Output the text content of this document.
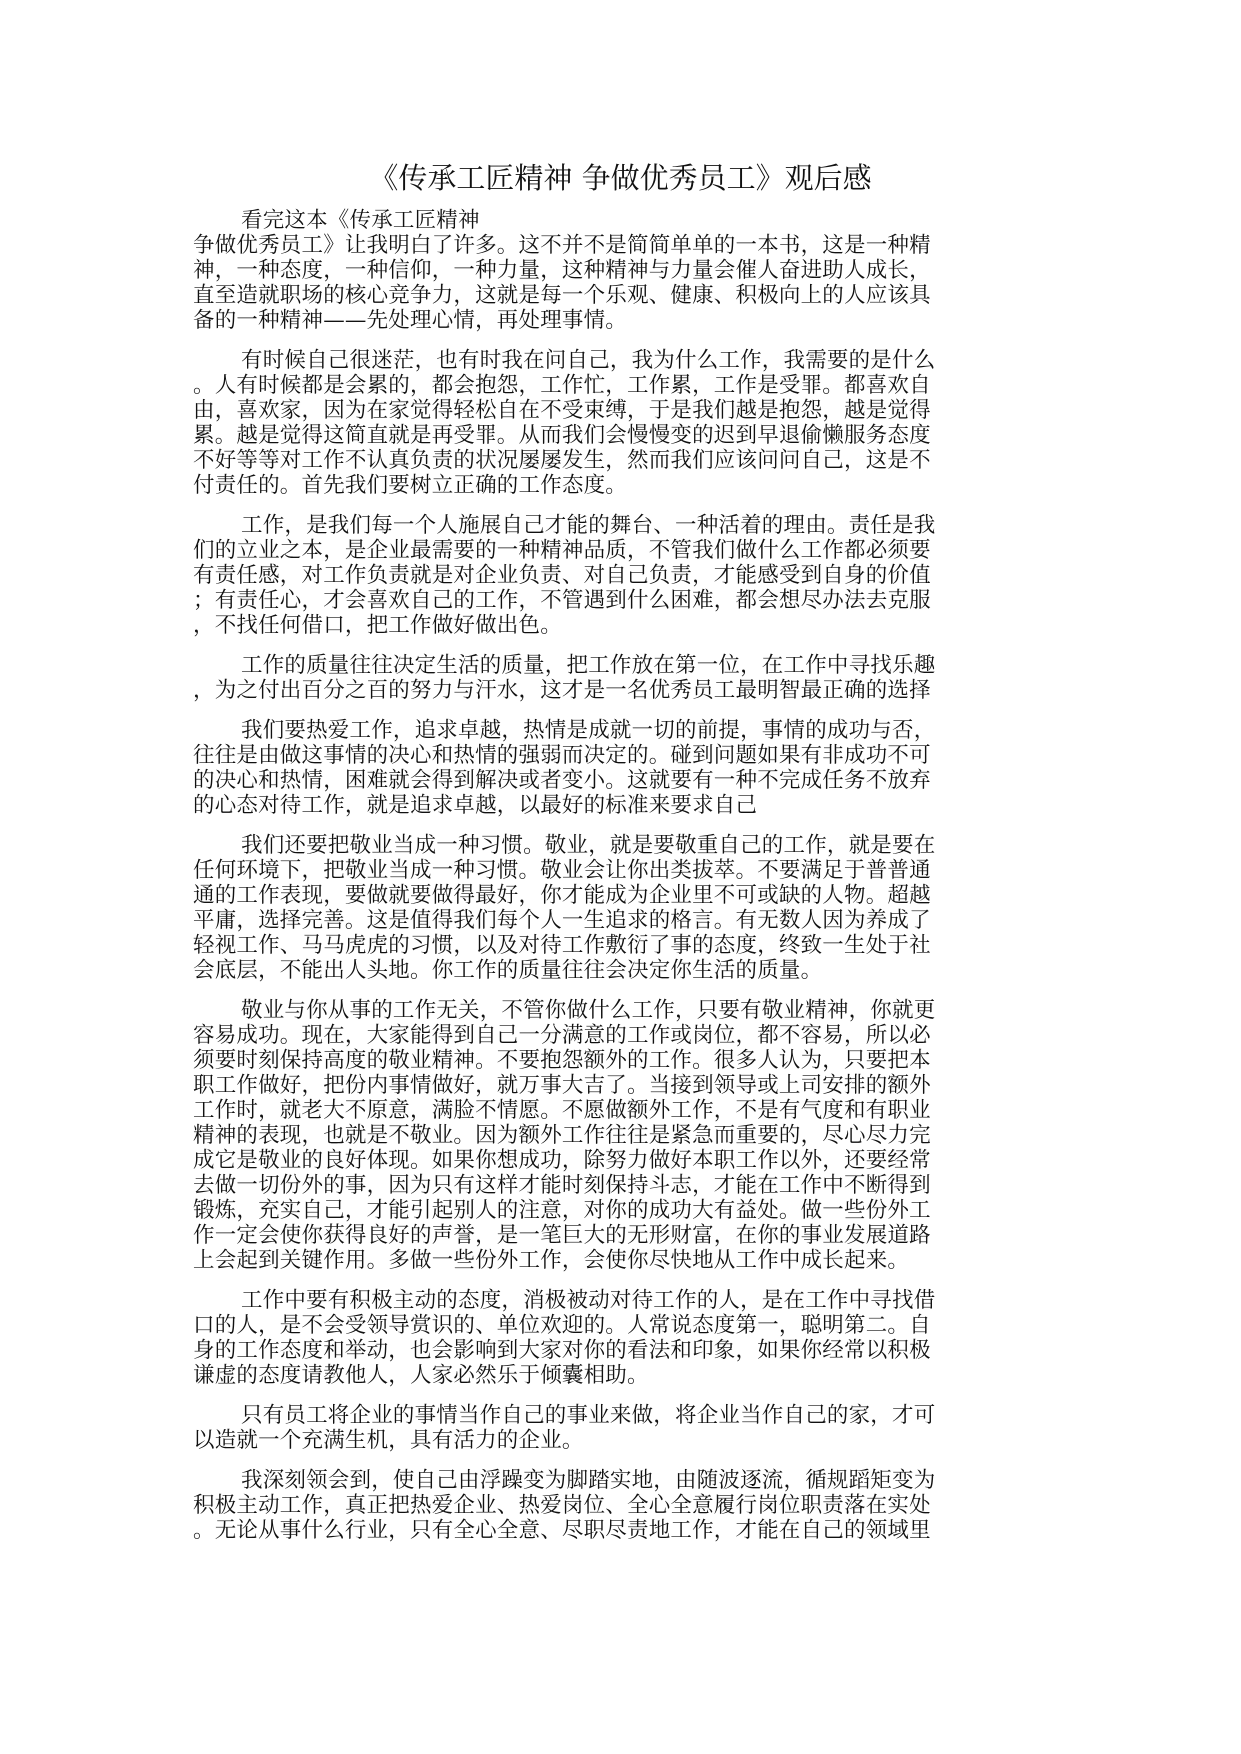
《传承工匠精神 争做优秀员工》观后感
看完这本《传承工匠精神
争做优秀员工》让我明白了许多。这不并不是简简单单的一本书，这是一种精
神，一种态度，一种信仰，一种力量，这种精神与力量会催人奋进助人成长，
直至造就职场的核心竞争力，这就是每一个乐观、健康、积极向上的人应该具
备的一种精神——先处理心情，再处理事情。
有时候自己很迷茫，也有时我在问自己，我为什么工作，我需要的是什么
。人有时候都是会累的，都会抱怨，工作忙，工作累，工作是受罪。都喜欢自
由，喜欢家，因为在家觉得轻松自在不受束缚，于是我们越是抱怨，越是觉得
累。越是觉得这简直就是再受罪。从而我们会慢慢变的迟到早退偷懒服务态度
不好等等对工作不认真负责的状况屡屡发生，然而我们应该问问自己，这是不
付责任的。首先我们要树立正确的工作态度。
工作，是我们每一个人施展自己才能的舞台、一种活着的理由。责任是我
们的立业之本，是企业最需要的一种精神品质，不管我们做什么工作都必须要
有责任感，对工作负责就是对企业负责、对自己负责，才能感受到自身的价值
；有责任心，才会喜欢自己的工作，不管遇到什么困难，都会想尽办法去克服
，不找任何借口，把工作做好做出色。
工作的质量往往决定生活的质量，把工作放在第一位，在工作中寻找乐趣
，为之付出百分之百的努力与汗水，这才是一名优秀员工最明智最正确的选择
我们要热爱工作，追求卓越，热情是成就一切的前提，事情的成功与否，
往往是由做这事情的决心和热情的强弱而决定的。碰到问题如果有非成功不可
的决心和热情，困难就会得到解决或者变小。这就要有一种不完成任务不放弃
的心态对待工作，就是追求卓越，以最好的标准来要求自己
我们还要把敬业当成一种习惯。敬业，就是要敬重自己的工作，就是要在
任何环境下，把敬业当成一种习惯。敬业会让你出类拔萃。不要满足于普普通
通的工作表现，要做就要做得最好，你才能成为企业里不可或缺的人物。超越
平庸，选择完善。这是值得我们每个人一生追求的格言。有无数人因为养成了
轻视工作、马马虎虎的习惯，以及对待工作敷衍了事的态度，终致一生处于社
会底层，不能出人头地。你工作的质量往往会决定你生活的质量。
敬业与你从事的工作无关，不管你做什么工作，只要有敬业精神，你就更
容易成功。现在，大家能得到自己一分满意的工作或岗位，都不容易，所以必
须要时刻保持高度的敬业精神。不要抱怨额外的工作。很多人认为，只要把本
职工作做好，把份内事情做好，就万事大吉了。当接到领导或上司安排的额外
工作时，就老大不原意，满脸不情愿。不愿做额外工作，不是有气度和有职业
精神的表现，也就是不敬业。因为额外工作往往是紧急而重要的，尽心尽力完
成它是敬业的良好体现。如果你想成功，除努力做好本职工作以外，还要经常
去做一切份外的事，因为只有这样才能时刻保持斗志，才能在工作中不断得到
锻炼，充实自己，才能引起别人的注意，对你的成功大有益处。做一些份外工
作一定会使你获得良好的声誉，是一笔巨大的无形财富，在你的事业发展道路
上会起到关键作用。多做一些份外工作，会使你尽快地从工作中成长起来。
工作中要有积极主动的态度，消极被动对待工作的人，是在工作中寻找借
口的人，是不会受领导赏识的、单位欢迎的。人常说态度第一，聪明第二。自
身的工作态度和举动，也会影响到大家对你的看法和印象，如果你经常以积极
谦虚的态度请教他人，人家必然乐于倾囊相助。
只有员工将企业的事情当作自己的事业来做，将企业当作自己的家，才可
以造就一个充满生机，具有活力的企业。
我深刻领会到，使自己由浮躁变为脚踏实地，由随波逐流，循规蹈矩变为
积极主动工作，真正把热爱企业、热爱岗位、全心全意履行岗位职责落在实处
。无论从事什么行业，只有全心全意、尽职尽责地工作，才能在自己的领域里
